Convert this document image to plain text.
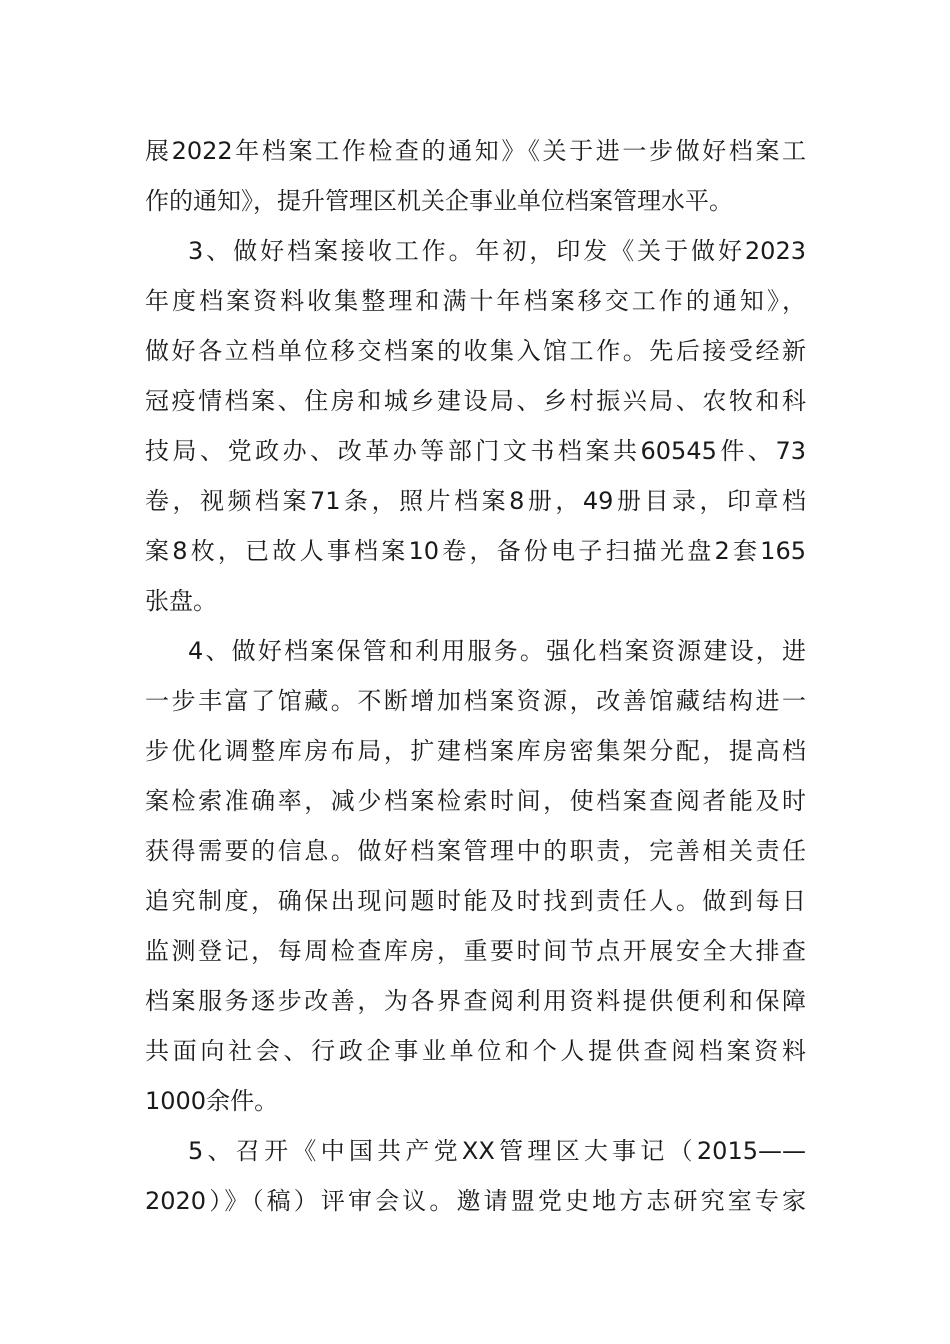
展2022年档案工作检查的通知》《关于进一步做好档案工

作的通知》，提升管理区机关企事业单位档案管理水平。

3、做好档案接收工作。年初，印发《关于做好2023

年度档案资料收集整理和满十年档案移交工作的通知》，

做好各立档单位移交档案的收集入馆工作。先后接受经新

冠疫情档案、住房和城乡建设局、乡村振兴局、农牧和科

技局、党政办、改革办等部门文书档案共60545件、73

卷，视频档案71条，照片档案8册，49册目录，印章档

案8枚，已故人事档案10卷，备份电子扫描光盘2套165

张盘。

4、做好档案保管和利用服务。强化档案资源建设，进

一步丰富了馆藏。不断增加档案资源，改善馆藏结构进一

步优化调整库房布局，扩建档案库房密集架分配，提高档

案检索准确率，减少档案检索时间，使档案查阅者能及时

获得需要的信息。做好档案管理中的职责，完善相关责任

追究制度，确保出现问题时能及时找到责任人。做到每日

监测登记，每周检查库房，重要时间节点开展安全大排查

档案服务逐步改善，为各界查阅利用资料提供便利和保障

共面向社会、行政企事业单位和个人提供查阅档案资料

1000余件。

5、召开《中国共产党XX管理区大事记（2015——

2020）》（稿）评审会议。邀请盟党史地方志研究室专家
